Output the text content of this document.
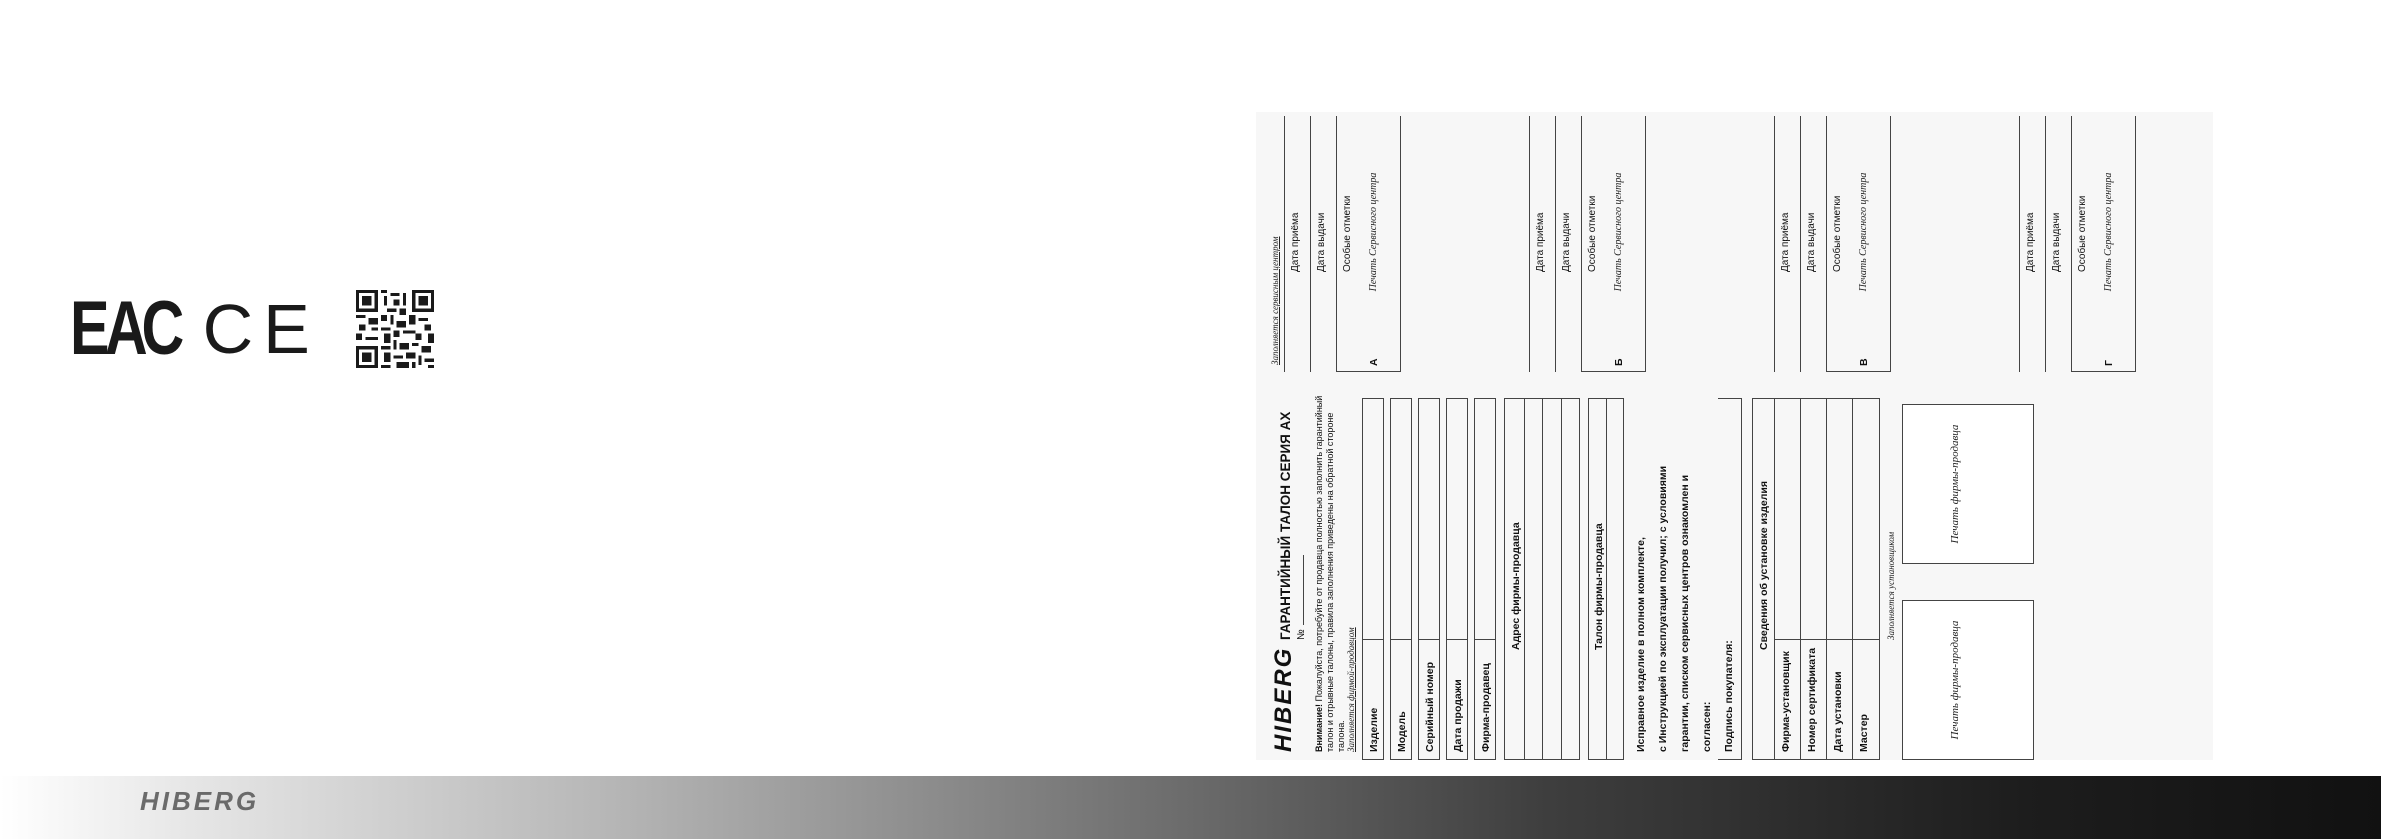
ЕАС CE
HIBERG
ГАРАНТИЙНЫЙ ТАЛОН СЕРИЯ АХ №
Внимание! Пожалуйста, потребуйте от продавца полностью заполнить гарантийный талон и отрывные талоны, правила заполнения приведены на обратной стороне талона. Заполняется фирмой-продавцом Изделие Модель Серийный номер Дата продажи Фирма-продавец
Адрес фирмы-продавца	Талон фирмы-продавца	Исправное изделие в полном комплекте, с Инструкцией по эксплуатации получил; с условиями гарантии, списком сервисных центров ознакомлен и согласен: Подпись покупателя:
Сведения об установке изделия
Фирма-установщик Номер сертификата Дата установки Мастер
Заполняется установщиком
Печать фирмы-продавца
Печать фирмы-продавца
Заполняется сервисным центром Дата приёма Дата выдачи Особые отметки Печать Сервисного центра
А
Дата приёма Дата выдачи Особые отметки Печать Сервисного центра
Б
Дата приёма Дата выдачи Особые отметки Печать Сервисного центра
В
Дата приёма Дата выдачи Особые отметки Печать Сервисного центра
Г
HIBERG
